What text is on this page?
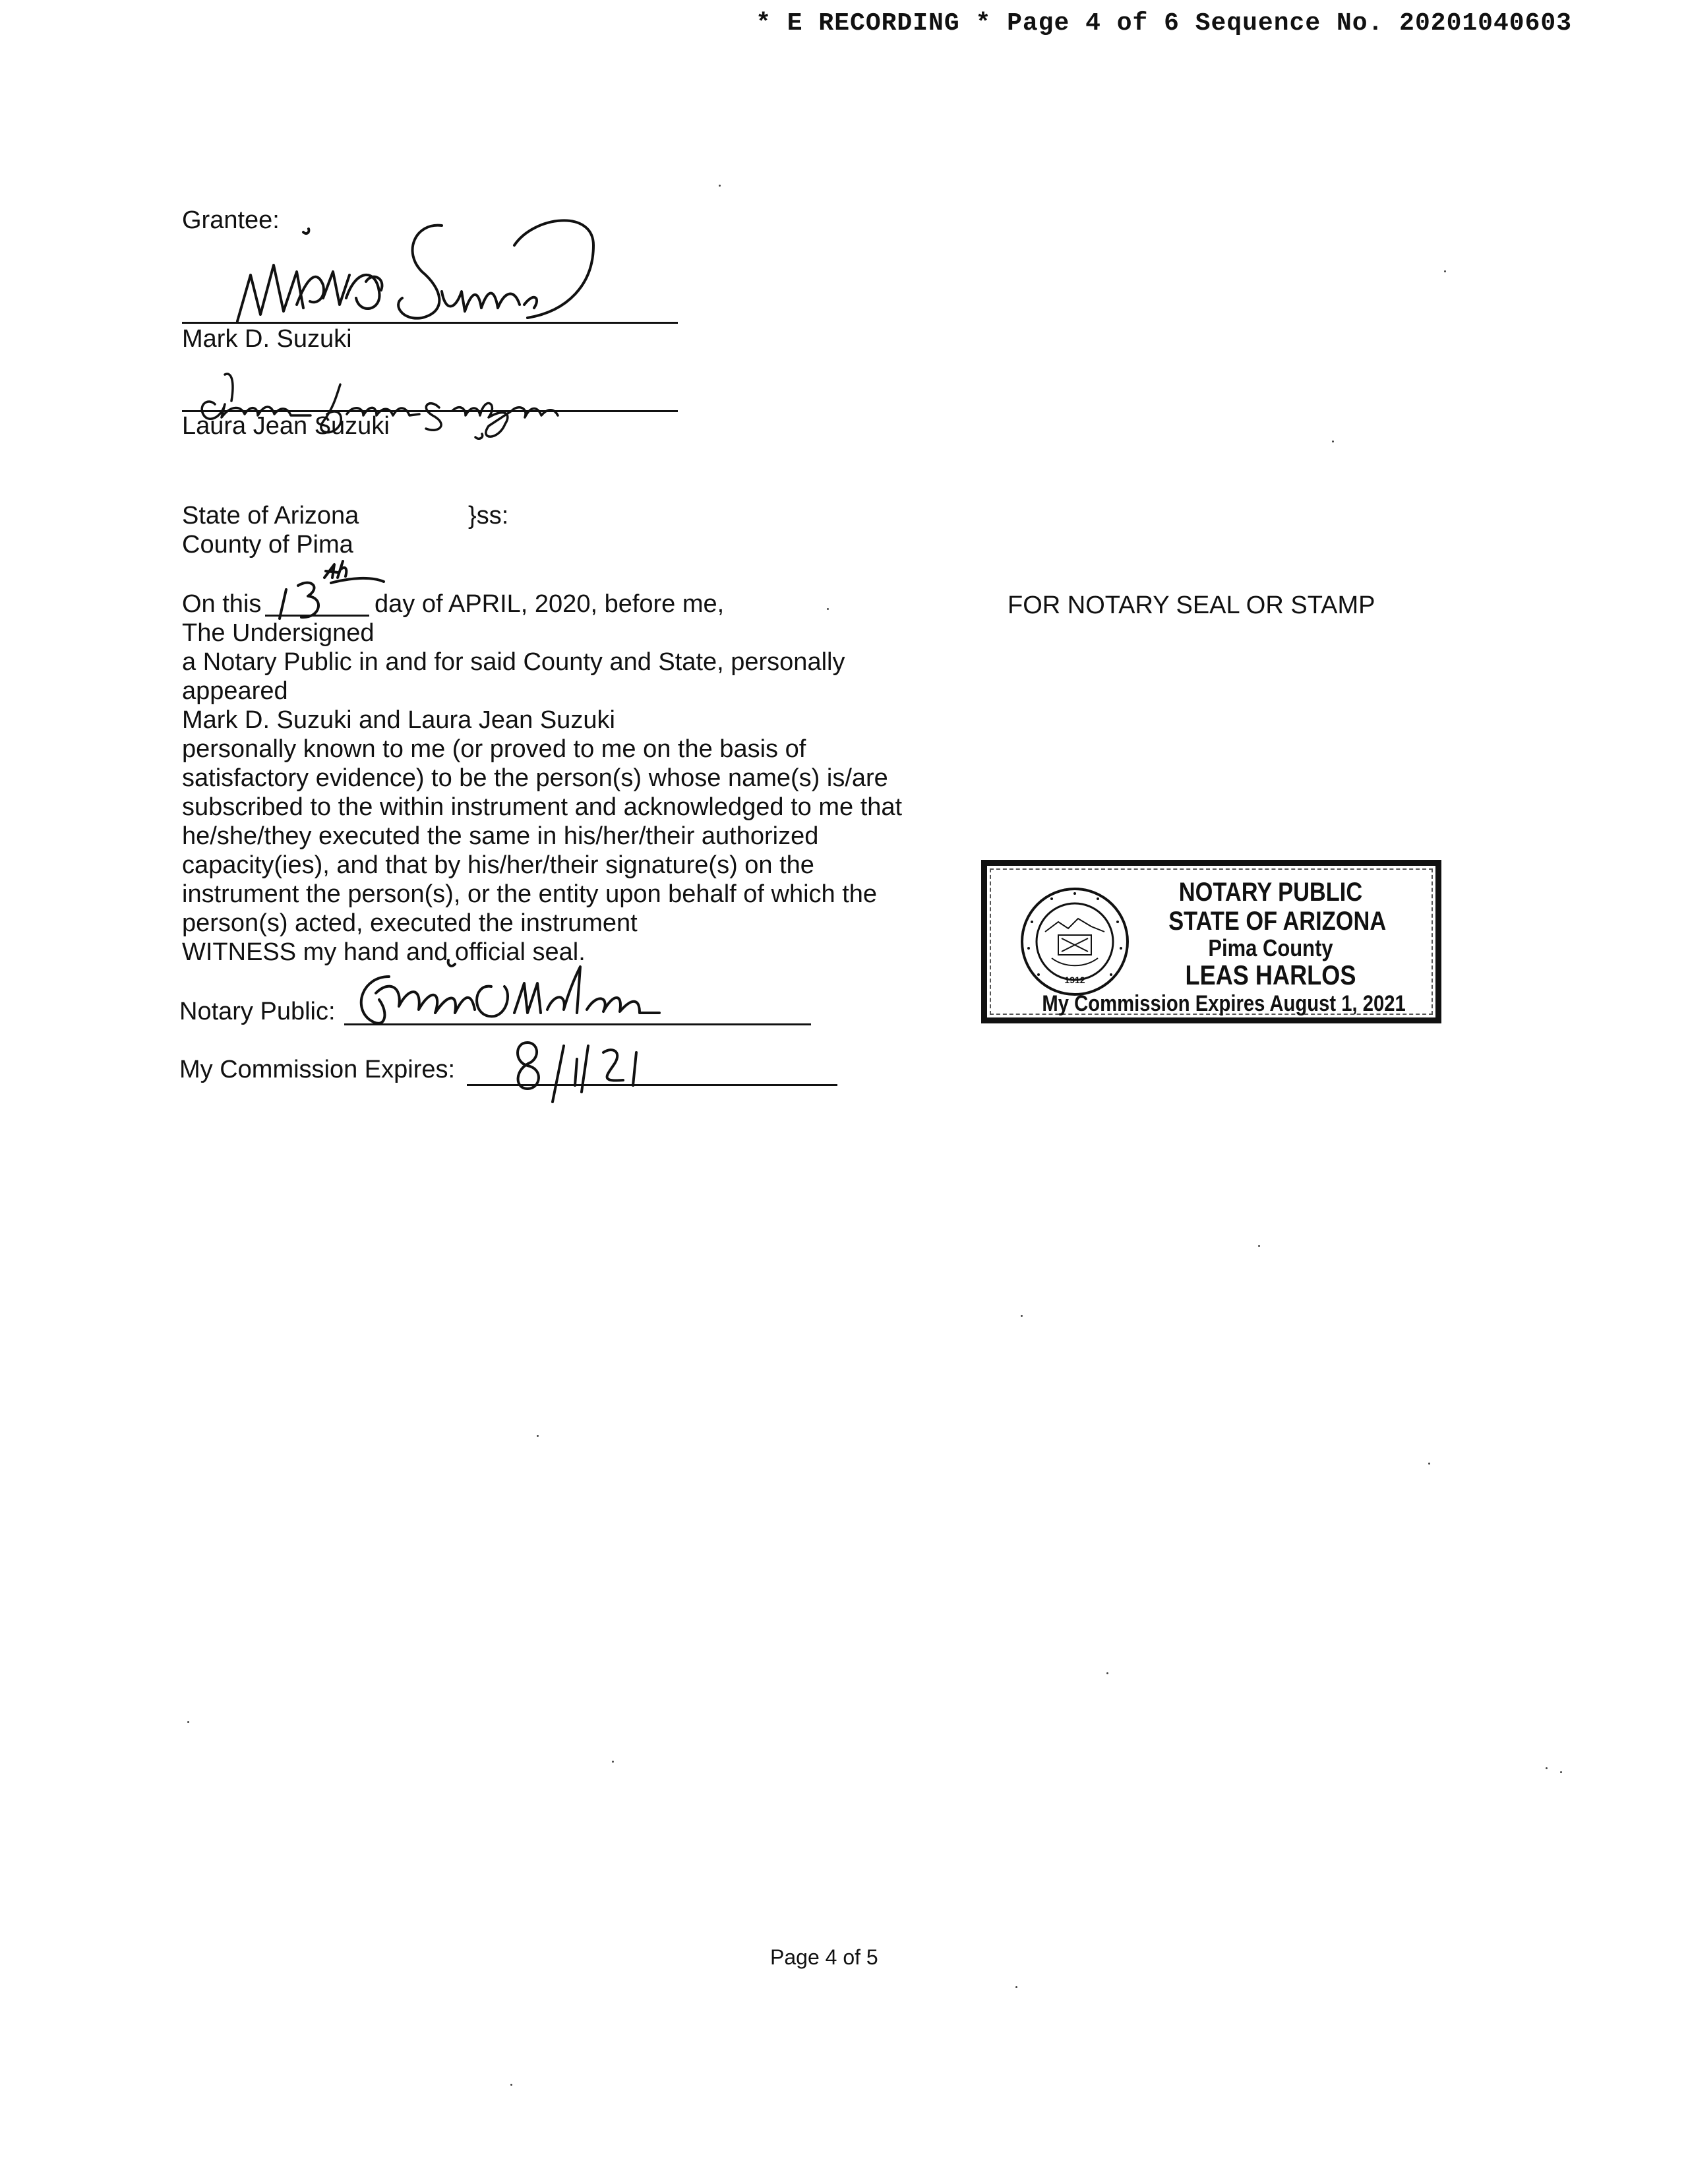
* E RECORDING * Page 4 of 6 Sequence No. 20201040603
Grantee:
Mark D. Suzuki
Laura Jean Suzuki
State of Arizona	}ss:
County of Pima
On this	day of APRIL, 2020, before me,
The Undersigned
a Notary Public in and for said County and State, personally
appeared
Mark D. Suzuki and Laura Jean Suzuki
personally known to me (or proved to me on the basis of
satisfactory evidence) to be the person(s) whose name(s) is/are
subscribed to the within instrument and acknowledged to me that
he/she/they executed the same in his/her/their authorized
capacity(ies), and that by his/her/their signature(s) on the
instrument the person(s), or the entity upon behalf of which the
person(s) acted, executed the instrument
WITNESS my hand and official seal.
Notary Public:
My Commission Expires:
FOR NOTARY SEAL OR STAMP
1912
NOTARY PUBLIC
STATE OF ARIZONA
Pima County
LEAS HARLOS
My Commission Expires August 1, 2021
Page 4 of 5
